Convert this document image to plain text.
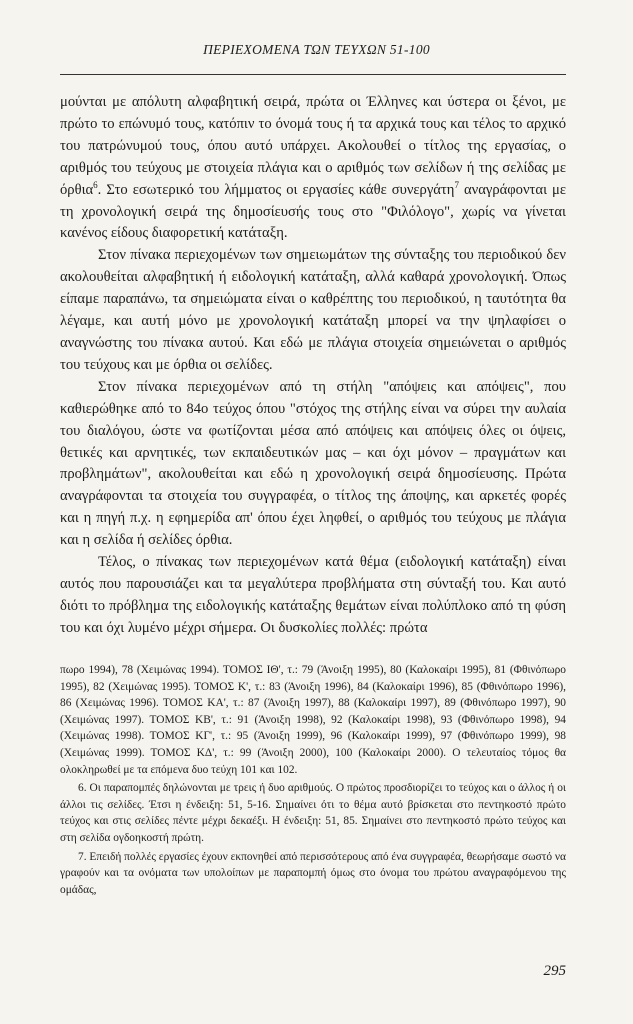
ΠΕΡΙΕΧΟΜΕΝΑ ΤΩΝ ΤΕΥΧΩΝ 51-100

μούνται με απόλυτη αλφαβητική σειρά, πρώτα οι Έλληνες και ύστερα οι ξένοι, με πρώτο το επώνυμό τους, κατόπιν το όνομά τους ή τα αρχικά τους και τέλος το αρχικό του πατρώνυμού τους, όπου αυτό υπάρχει. Ακολουθεί ο τίτλος της εργασίας, ο αριθμός του τεύχους με στοιχεία πλάγια και ο αριθμός των σελίδων ή της σελίδας με όρθια$^6$. Στο εσωτερικό του λήμματος οι εργασίες κάθε συνεργάτη$^7$ αναγράφονται με τη χρονολογική σειρά της δημοσίευσής τους στο "Φιλόλογο", χωρίς να γίνεται κανένος είδους διαφορετική κατάταξη.

Στον πίνακα περιεχομένων των σημειωμάτων της σύνταξης του περιοδικού δεν ακολουθείται αλφαβητική ή ειδολογική κατάταξη, αλλά καθαρά χρονολογική. Όπως είπαμε παραπάνω, τα σημειώματα είναι ο καθρέπτης του περιοδικού, η ταυτότητα θα λέγαμε, και αυτή μόνο με χρονολογική κατάταξη μπορεί να την ψηλαφίσει ο αναγνώστης του πίνακα αυτού. Και εδώ με πλάγια στοιχεία σημειώνεται ο αριθμός του τεύχους και με όρθια οι σελίδες.

Στον πίνακα περιεχομένων από τη στήλη "απόψεις και απόψεις", που καθιερώθηκε από το 84ο τεύχος όπου "στόχος της στήλης είναι να σύρει την αυλαία του διαλόγου, ώστε να φωτίζονται μέσα από απόψεις και απόψεις όλες οι όψεις, θετικές και αρνητικές, των εκπαιδευτικών μας – και όχι μόνον – πραγμάτων και προβλημάτων", ακολουθείται και εδώ η χρονολογική σειρά δημοσίευσης. Πρώτα αναγράφονται τα στοιχεία του συγγραφέα, ο τίτλος της άποψης, και αρκετές φορές και η πηγή π.χ. η εφημερίδα απ' όπου έχει ληφθεί, ο αριθμός του τεύχους με πλάγια και η σελίδα ή σελίδες όρθια.

Τέλος, ο πίνακας των περιεχομένων κατά θέμα (ειδολογική κατάταξη) είναι αυτός που παρουσιάζει και τα μεγαλύτερα προβλήματα στη σύνταξή του. Και αυτό διότι το πρόβλημα της ειδολογικής κατάταξης θεμάτων είναι πολύπλοκο από τη φύση του και όχι λυμένο μέχρι σήμερα. Οι δυσκολίες πολλές: πρώτα

πωρο 1994), 78 (Χειμώνας 1994). ΤΟΜΟΣ ΙΘ', τ.: 79 (Άνοιξη 1995), 80 (Καλοκαίρι 1995), 81 (Φθινόπωρο 1995), 82 (Χειμώνας 1995). ΤΟΜΟΣ Κ', τ.: 83 (Άνοιξη 1996), 84 (Καλοκαίρι 1996), 85 (Φθινόπωρο 1996), 86 (Χειμώνας 1996). ΤΟΜΟΣ ΚΑ', τ.: 87 (Άνοιξη 1997), 88 (Καλοκαίρι 1997), 89 (Φθινόπωρο 1997), 90 (Χειμώνας 1997). ΤΟΜΟΣ ΚΒ', τ.: 91 (Άνοιξη 1998), 92 (Καλοκαίρι 1998), 93 (Φθινόπωρο 1998), 94 (Χειμώνας 1998). ΤΟΜΟΣ ΚΓ', τ.: 95 (Άνοιξη 1999), 96 (Καλοκαίρι 1999), 97 (Φθινόπωρο 1999), 98 (Χειμώνας 1999). ΤΟΜΟΣ ΚΔ', τ.: 99 (Άνοιξη 2000), 100 (Καλοκαίρι 2000). Ο τελευταίος τόμος θα ολοκληρωθεί με τα επόμενα δυο τεύχη 101 και 102.

6. Οι παραπομπές δηλώνονται με τρεις ή δυο αριθμούς. Ο πρώτος προσδιορίζει το τεύχος και ο άλλος ή οι άλλοι τις σελίδες. Έτσι η ένδειξη: 51, 5-16. Σημαίνει ότι το θέμα αυτό βρίσκεται στο πεντηκοστό πρώτο τεύχος και στις σελίδες πέντε μέχρι δεκαέξι. Η ένδειξη: 51, 85. Σημαίνει στο πεντηκοστό πρώτο τεύχος και στη σελίδα ογδοηκοστή πρώτη.

7. Επειδή πολλές εργασίες έχουν εκπονηθεί από περισσότερους από ένα συγγραφέα, θεωρήσαμε σωστό να γραφούν και τα ονόματα των υπολοίπων με παραπομπή όμως στο όνομα του πρώτου αναγραφόμενου της ομάδας,

295
